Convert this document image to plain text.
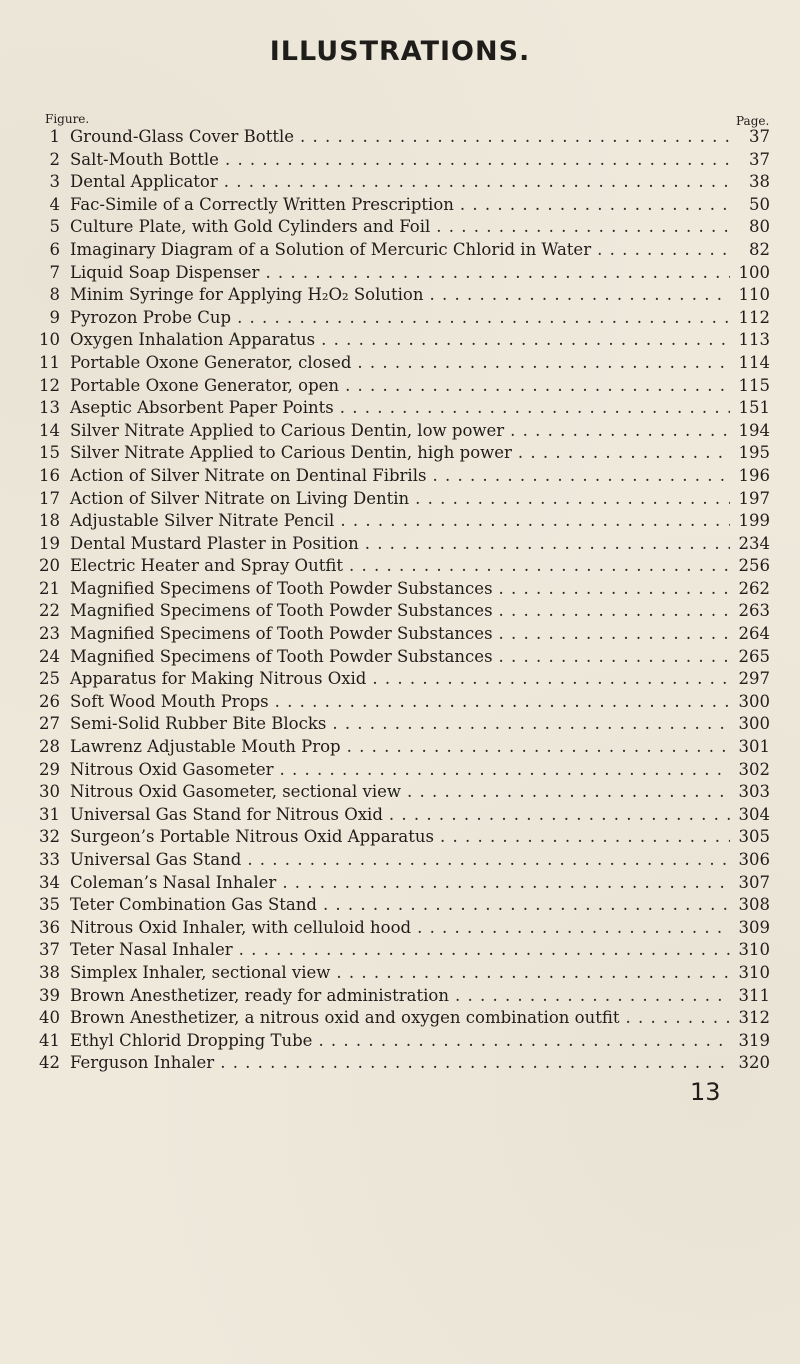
ILLUSTRATIONS.
Figure.	Page.
1 Ground-Glass Cover Bottle . . .	37
2 Salt-Mouth Bottle . . .	37
3 Dental Applicator . . .	38
4 Fac-Simile of a Correctly Written Prescription . . .	50
5 Culture Plate, with Gold Cylinders and Foil . . .	80
6 Imaginary Diagram of a Solution of Mercuric Chlorid in Water . . .	82
7 Liquid Soap Dispenser . . .	100
8 Minim Syringe for Applying H₂O₂ Solution . . .	110
9 Pyrozon Probe Cup . . .	112
10 Oxygen Inhalation Apparatus . . .	113
11 Portable Oxone Generator, closed . . .	114
12 Portable Oxone Generator, open . . .	115
13 Aseptic Absorbent Paper Points . . .	151
14 Silver Nitrate Applied to Carious Dentin, low power . . .	194
15 Silver Nitrate Applied to Carious Dentin, high power . . .	195
16 Action of Silver Nitrate on Dentinal Fibrils . . .	196
17 Action of Silver Nitrate on Living Dentin . . .	197
18 Adjustable Silver Nitrate Pencil . . .	199
19 Dental Mustard Plaster in Position . . .	234
20 Electric Heater and Spray Outfit . . .	256
21 Magnified Specimens of Tooth Powder Substances . . .	262
22 Magnified Specimens of Tooth Powder Substances . . .	263
23 Magnified Specimens of Tooth Powder Substances . . .	264
24 Magnified Specimens of Tooth Powder Substances . . .	265
25 Apparatus for Making Nitrous Oxid . . .	297
26 Soft Wood Mouth Props . . .	300
27 Semi-Solid Rubber Bite Blocks . . .	300
28 Lawrenz Adjustable Mouth Prop . . .	301
29 Nitrous Oxid Gasometer . . .	302
30 Nitrous Oxid Gasometer, sectional view . . .	303
31 Universal Gas Stand for Nitrous Oxid . . .	304
32 Surgeon’s Portable Nitrous Oxid Apparatus . . .	305
33 Universal Gas Stand . . .	306
34 Coleman’s Nasal Inhaler . . .	307
35 Teter Combination Gas Stand . . .	308
36 Nitrous Oxid Inhaler, with celluloid hood . . .	309
37 Teter Nasal Inhaler . . .	310
38 Simplex Inhaler, sectional view . . .	310
39 Brown Anesthetizer, ready for administration . . .	311
40 Brown Anesthetizer, a nitrous oxid and oxygen combination outfit . . .	312
41 Ethyl Chlorid Dropping Tube . . .	319
42 Ferguson Inhaler . . .	320
13
